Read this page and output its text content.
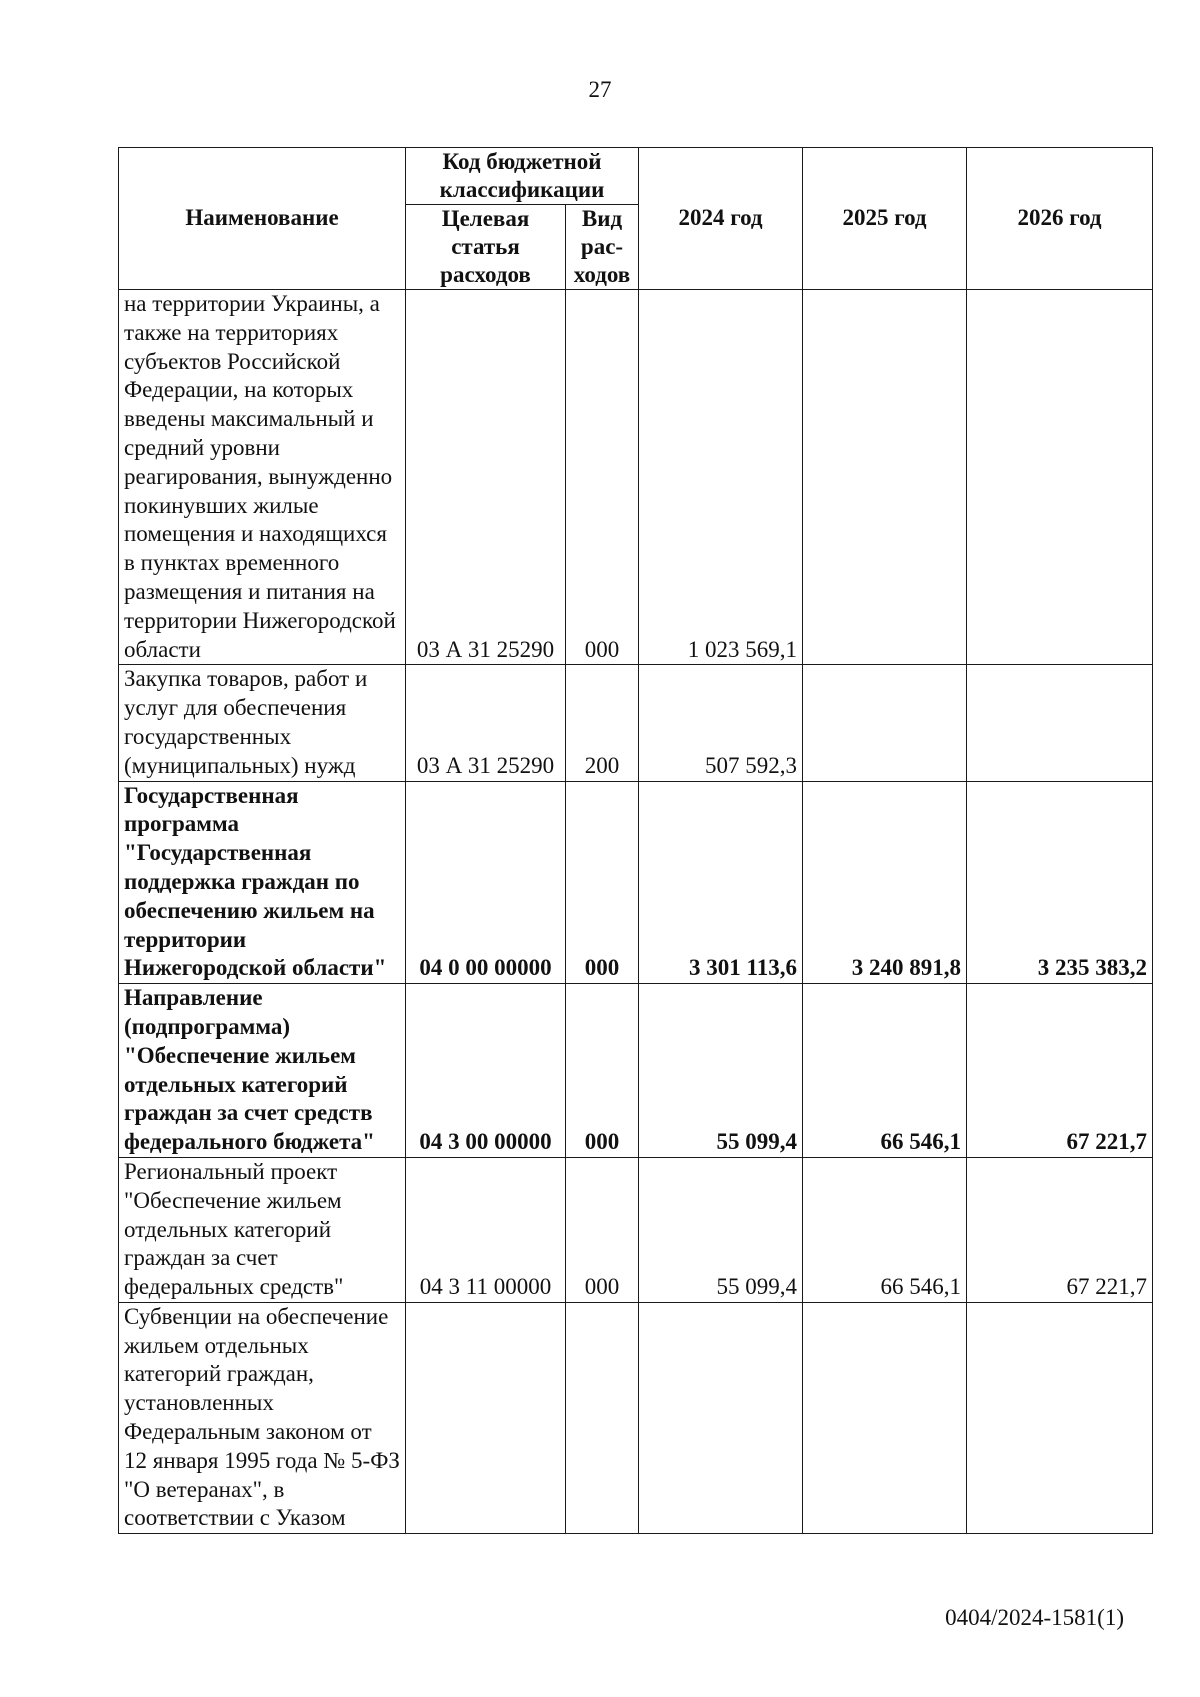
27
Наименование	Код бюджетной классификации		2024 год	2025 год	2026 год
	Целевая статья расходов	Вид рас-ходов			
на территории Украины, а также на территориях субъектов Российской Федерации, на которых введены максимальный и средний уровни реагирования, вынужденно покинувших жилые помещения и находящихся в пунктах временного размещения и питания на территории Нижегородской области	03 А 31 25290	000	1 023 569,1		
Закупка товаров, работ и услуг для обеспечения государственных (муниципальных) нужд	03 А 31 25290	200	507 592,3		
Государственная программа "Государственная поддержка граждан по обеспечению жильем на территории Нижегородской области"	04 0 00 00000	000	3 301 113,6	3 240 891,8	3 235 383,2
Направление (подпрограмма) "Обеспечение жильем отдельных категорий граждан за счет средств федерального бюджета"	04 3 00 00000	000	55 099,4	66 546,1	67 221,7
Региональный проект "Обеспечение жильем отдельных категорий граждан за счет федеральных средств"	04 3 11 00000	000	55 099,4	66 546,1	67 221,7
Субвенции на обеспечение жильем отдельных категорий граждан, установленных Федеральным законом от 12 января 1995 года № 5-ФЗ "О ветеранах", в соответствии с Указом					
0404/2024-1581(1)
